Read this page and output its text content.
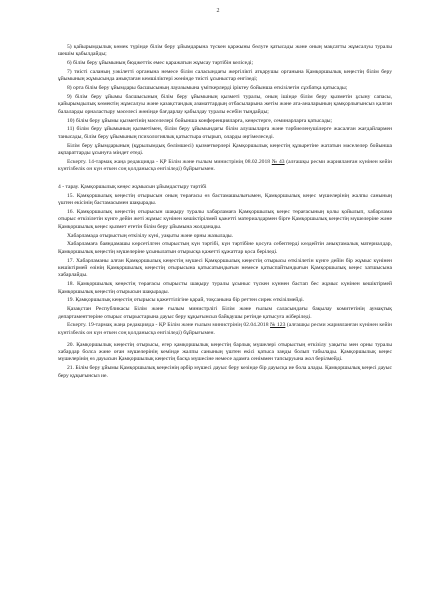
2

5) қайырымдылық көмек түрінде білім беру ұйымдарына түскен қаржыны бөлуге қатысады және оның мақсатты жұмсалуы туралы шешім қабылдайды;

6) білім беру ұйымының бюджеттік емес қаражатын жұмсау тәртібін келіседі;

7) тиісті саланың уәкілетті органына немесе білім саласындағы жергілікті атқарушы органына Қамқоршылық кеңестің білім беру ұйымының жұмысында анықтаған кемшіліктері жөнінде тиісті ұсыныстар енгізеді;

8) орта білім беру ұйымдары басшысының лауазымына үміткерлерді іріктеу бойынша өткізілетін сұхбатқа қатысады;

9) білім беру ұйымы басшысының білім беру ұйымының қызметі туралы, оның ішінде білім беру қызметін ұсыну сапасы, қайырымдылық көмектің жұмсалуы және қазақстандық азаматтардың отбасыларына жетім және ата-аналарының қамқорлығынсыз қалған балаларды орналастыру мәселесі жөнінде бағдарлау қабылдау туралы есебін тыңдайды;

10) білім беру ұйымы қызметінің мәселелері бойынша конференцияларға, кеңестерге, семинарларға қатысады;

11) білім беру ұйымының қызметімен, білім беру ұйымындағы білім алушыларға және тәрбиеленушілерге жасалған жағдайлармен танысады, білім беру ұйымының психологиялық қатыстыра отырып, оларды әңгімелеседі.

Білім беру ұйымдарының (құрылымдық бөлімшесі) қызметкерлері Қамқоршылық кеңестің құзыретіне жататын мәселелер бойынша ақпараттарды ұсынуға міндет етеді.

Ескерту. 14-тармақ жаңа редакцияда - ҚР Білім және ғылым министрінің 08.02.2018 № 43 (алғашқы ресми жарияланған күнінен кейін күнтізбелік он күн өткен соң қолданысқа енгізіледі) бұйрығымен.

4 - тарау. Қамқоршылық кеңес жұмысын ұйымдастыру тәртібі

15. Қамқоршылық кеңестің отырысын оның төрағасы өз бастамашылығымен, Қамқоршылық кеңес мүшелерінің жалпы санының үштен екісінің бастамасымен шақырады.

16. Қамқоршылық кеңестің отырысын шақыру туралы хабарламаға Қамқоршылық кеңес төрағасының қолы қойылып, хабарлама отырыс өткізілетін күнге дейін жеті жұмыс күнінен кешіктірілмей қажетті материалдармен бірге Қамқоршылық кеңестің мүшелеріне және Қамқоршылық кеңес қызмет ететін білім беру ұйымына жолданады.

Хабарламада отырыстың өткізілу күні, уақыты және орны жазылады.

Хабарламаға баяндамашы көрсетілген отырыстың күн тәртібі, күн тәртібіне қосуға себептерді көздейтін анықтамалық материалдар, Қамқоршылық кеңестің мүшелеріне ұсынылатын отырысқа қажетті құжаттар қоса беріледі.

17. Хабарламаны алған Қамқоршылық кеңестің мүшесі Қамқоршылық кеңестің отырысы өткізілетін күнге дейін бір жұмыс күнінен кешіктірмей өзінің Қамқоршылық кеңестің отырысына қатысатындығын немесе қатыспайтындығын Қамқоршылық кеңес хатшысына хабарлайды.

18. Қамқоршылық кеңестің төрағасы отырысты шақыру туралы ұсыныс түскен күннен бастап бес жұмыс күнінен кешіктірмей Қамқоршылық кеңестің отырысын шақырады.

19. Қамқоршылық кеңестің отырысы қажеттілігіне қарай, тоқсанына бір реттен сирек өткізілмейді.

Қазақстан Республикасы Білім және ғылым министрлігі Білім және ғылым саласындағы бақылау комитетінің аумақтық департаменттеріне отырыс отырыстарына дауыс беру құқығынсыз байқаушы ретінде қатысуға жіберіледі.

Ескерту. 19-тармақ жаңа редакцияда - ҚР Білім және ғылым министрінің 02.04.2018 № 123 (алғашқы ресми жарияланған күнінен кейін күнтізбелік он күн өткен соң қолданысқа енгізіледі) бұйрығымен.

20. Қамқоршылық кеңестің отырысы, егер қамқоршылық кеңестің барлық мүшелері отырыстың өткізілу уақыты мен орны туралы хабардар болса және оған мүшелерінің кемінде жалпы санының үштен екісі қатыса заңды болып табылады. Қамқоршылық кеңес мүшелерінің өз дауысын Қамқоршылық кеңестің басқа мүшесіне немесе адамға сеніммен тапсыруына жол берілмейді.

21. Білім беру ұйымы Қамқоршылық кеңесінің әрбір мүшесі дауыс беру кезінде бір дауысқа ие бола алады. Қамқоршылық кеңесі дауыс беру құқығынсыз ие.
